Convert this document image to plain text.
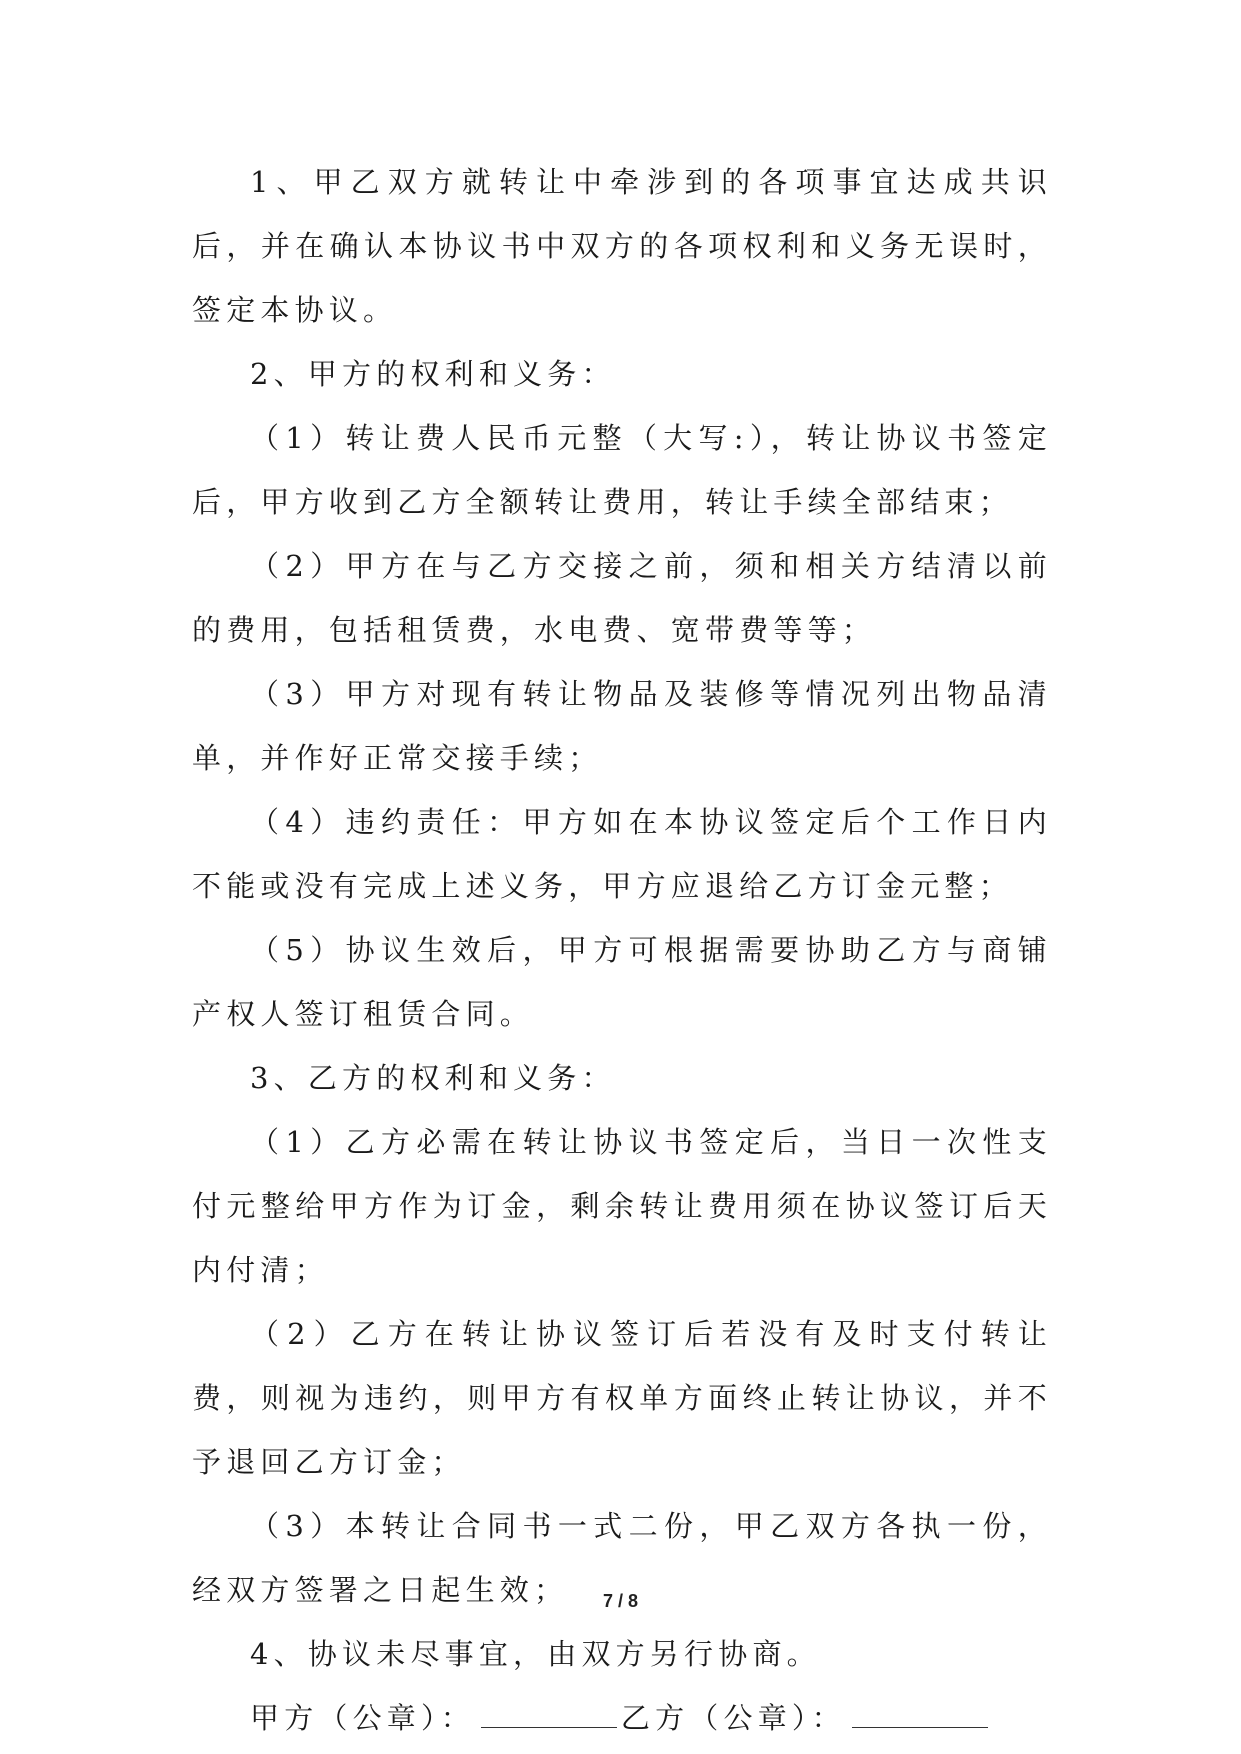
1、甲乙双方就转让中牵涉到的各项事宜达成共识后，并在确认本协议书中双方的各项权利和义务无误时，签定本协议。

2、甲方的权利和义务：

（1）转让费人民币元整（大写:），转让协议书签定后，甲方收到乙方全额转让费用，转让手续全部结束；

（2）甲方在与乙方交接之前，须和相关方结清以前的费用，包括租赁费，水电费、宽带费等等；

（3）甲方对现有转让物品及装修等情况列出物品清单，并作好正常交接手续；

（4）违约责任：甲方如在本协议签定后个工作日内不能或没有完成上述义务，甲方应退给乙方订金元整；

（5）协议生效后，甲方可根据需要协助乙方与商铺产权人签订租赁合同。

3、乙方的权利和义务：

（1）乙方必需在转让协议书签定后，当日一次性支付元整给甲方作为订金，剩余转让费用须在协议签订后天内付清；

（2）乙方在转让协议签订后若没有及时支付转让费，则视为违约，则甲方有权单方面终止转让协议，并不予退回乙方订金；

（3）本转让合同书一式二份，甲乙双方各执一份，经双方签署之日起生效；

4、协议未尽事宜，由双方另行协商。

甲方（公章）：	乙方（公章）：

7 / 8
